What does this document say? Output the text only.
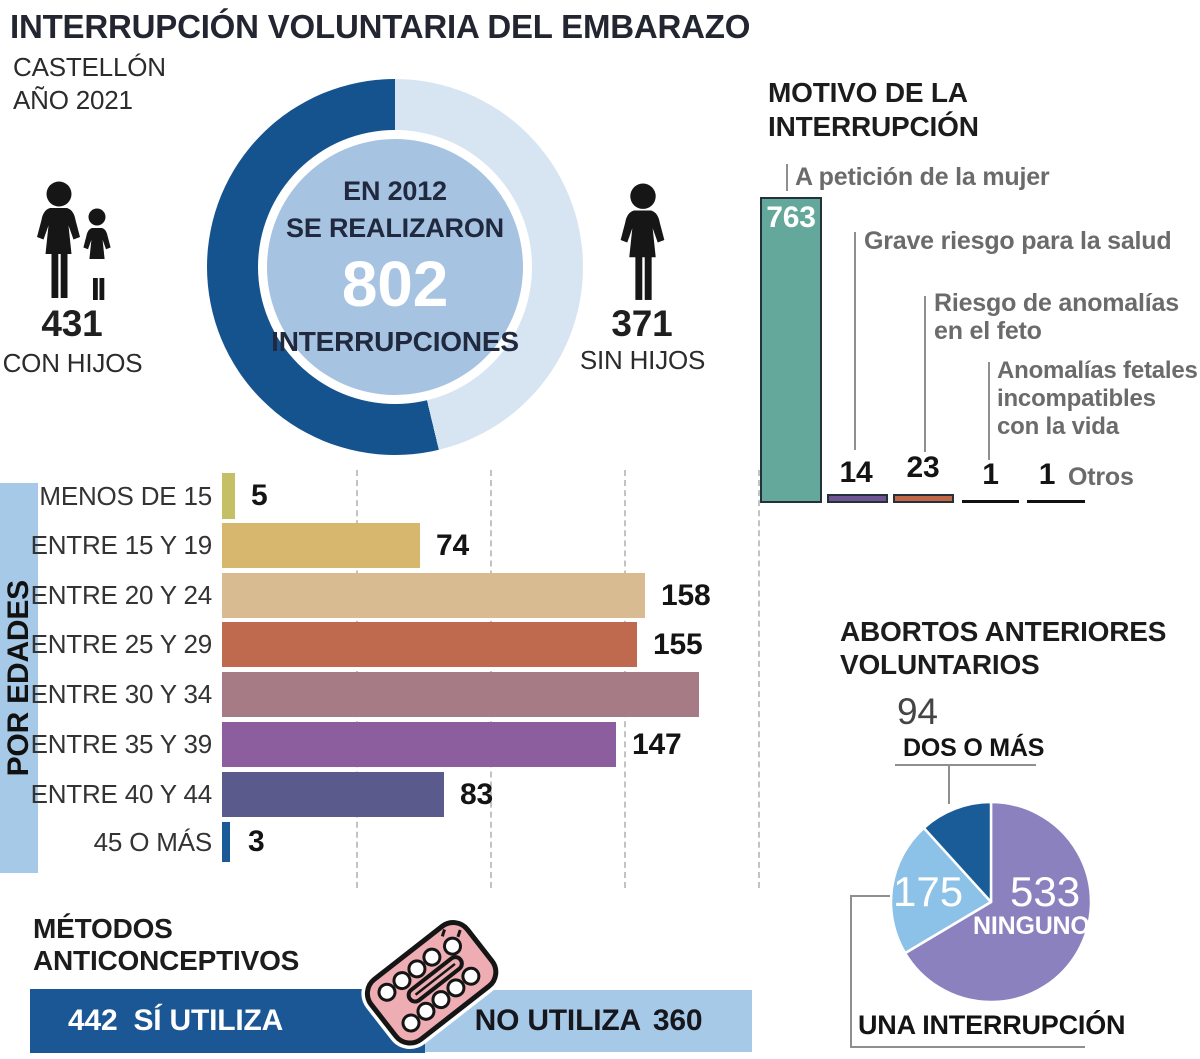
INTERRUPCIÓN VOLUNTARIA DEL EMBARAZO
CASTELLÓN
AÑO 2021
EN 2012
SE REALIZARON
802
INTERRUPCIONES
431
CON HIJOS
371
SIN HIJOS
MOTIVO DE LA
INTERRUPCIÓN
A petición de la mujer
763
Grave riesgo para la salud
14
Riesgo de anomalías
en el feto
23
Anomalías fetales
incompatibles
con la vida
1	1 Otros
POR EDADES
MENOS DE 15 5
ENTRE 15 Y 19	74
ENTRE 20 Y 24	158
ENTRE 25 Y 29	155
ENTRE 30 Y 34
ENTRE 35 Y 39	147
ENTRE 40 Y 44	83
45 O MÁS 3
ABORTOS ANTERIORES
VOLUNTARIOS
94
DOS O MÁS
175 533
NINGUNO
UNA INTERRUPCIÓN
MÉTODOS
ANTICONCEPTIVOS
442 SÍ UTILIZA	NO UTILIZA 360
